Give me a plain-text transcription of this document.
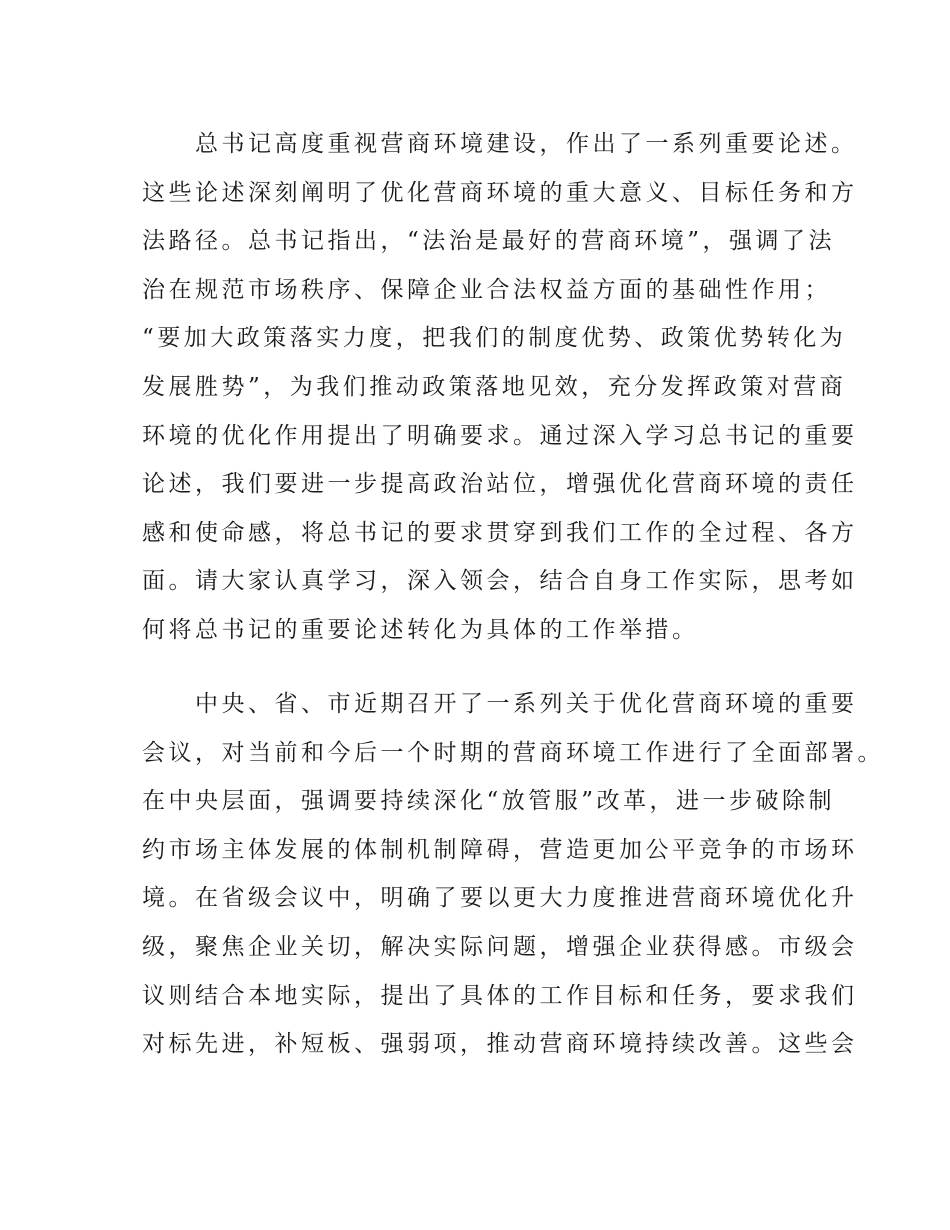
　　总书记高度重视营商环境建设，作出了一系列重要论述。
这些论述深刻阐明了优化营商环境的重大意义、目标任务和方
法路径。总书记指出，“法治是最好的营商环境”，强调了法
治在规范市场秩序、保障企业合法权益方面的基础性作用；
“要加大政策落实力度，把我们的制度优势、政策优势转化为
发展胜势”，为我们推动政策落地见效，充分发挥政策对营商
环境的优化作用提出了明确要求。通过深入学习总书记的重要
论述，我们要进一步提高政治站位，增强优化营商环境的责任
感和使命感，将总书记的要求贯穿到我们工作的全过程、各方
面。请大家认真学习，深入领会，结合自身工作实际，思考如
何将总书记的重要论述转化为具体的工作举措。
　　中央、省、市近期召开了一系列关于优化营商环境的重要
会议，对当前和今后一个时期的营商环境工作进行了全面部署。
在中央层面，强调要持续深化“放管服”改革，进一步破除制
约市场主体发展的体制机制障碍，营造更加公平竞争的市场环
境。在省级会议中，明确了要以更大力度推进营商环境优化升
级，聚焦企业关切，解决实际问题，增强企业获得感。市级会
议则结合本地实际，提出了具体的工作目标和任务，要求我们
对标先进，补短板、强弱项，推动营商环境持续改善。这些会
